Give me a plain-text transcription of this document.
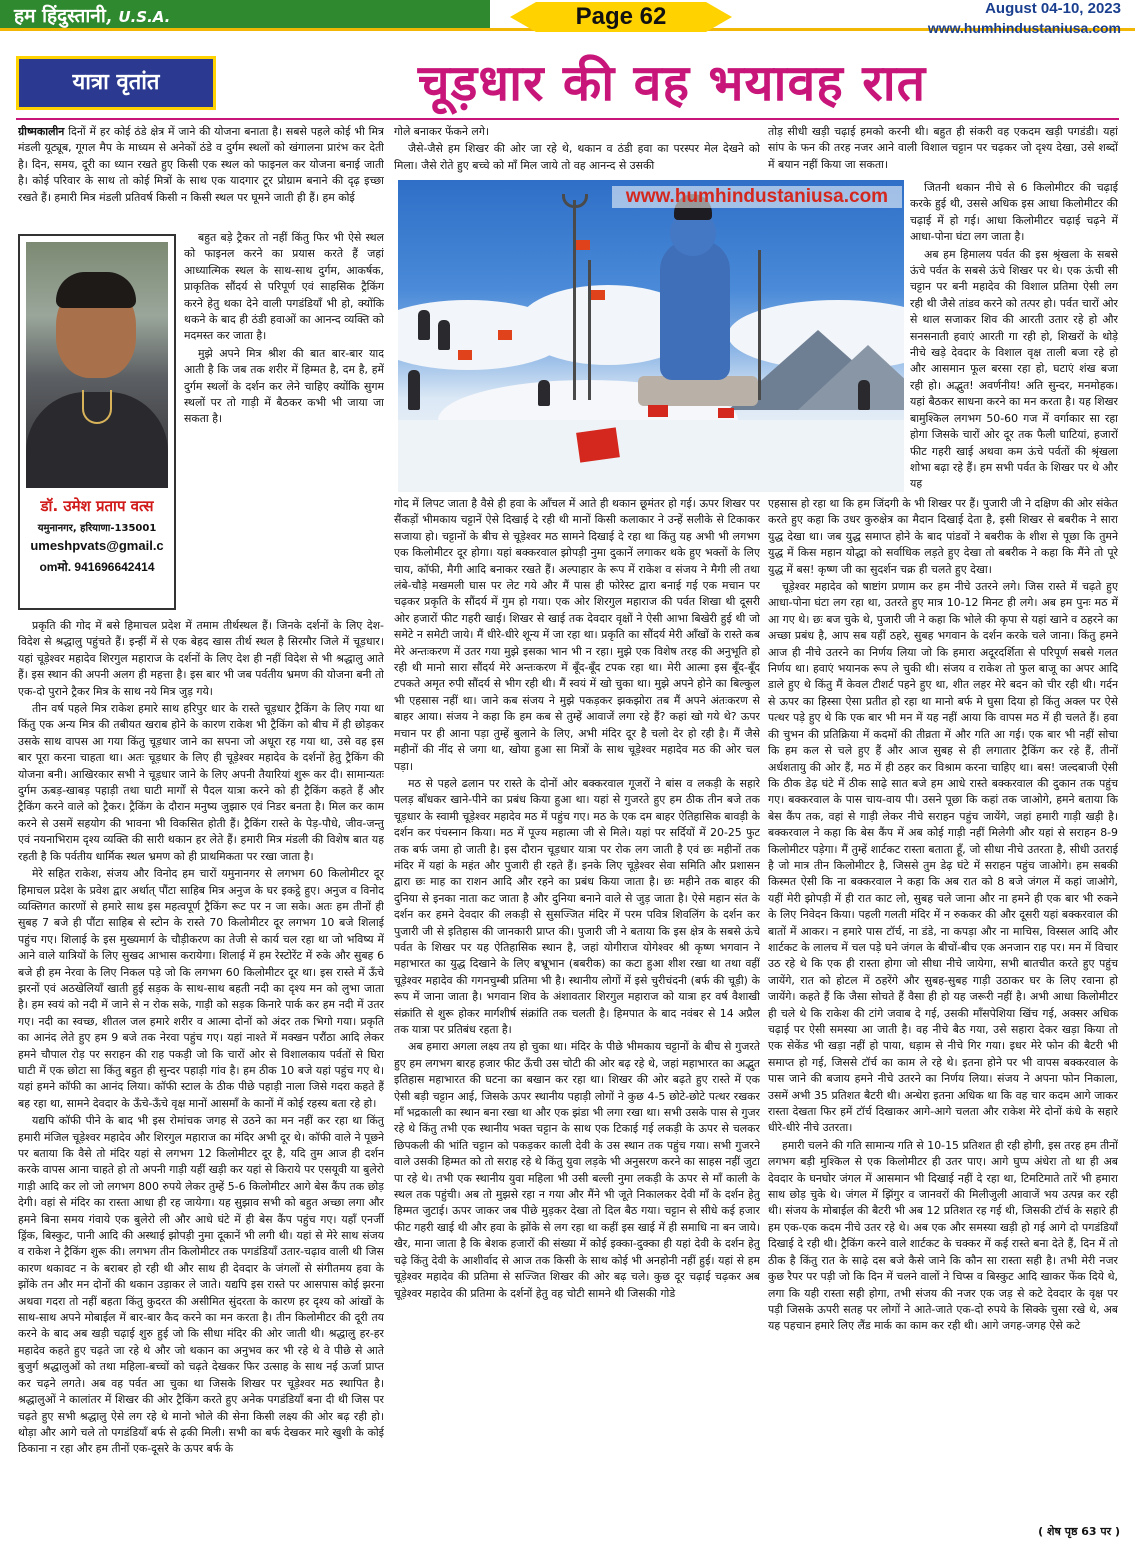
हम हिंदुस्तानी, U.S.A.	Page 62	August 04-10, 2023
www.humhindustaniusa.com
यात्रा वृतांत	चूड़धार की वह भयावह रात
डॉ. उमेश प्रताप वत्स
यमुनानगर, हरियाणा-135001
umeshpvats@gmail.c
omमो. 941696642414

ग्रीष्मकालीन दिनों में हर कोई ठंडे क्षेत्र में जाने की योजना बनाता है। सबसे पहले कोई भी मित्र मंडली यूट्यूब, गूगल मैप के माध्यम से अनेकों ठंडे व दुर्गम स्थलों को खंगालना प्रारंभ कर देती है। दिन, समय, दूरी का ध्यान रखते हुए किसी एक स्थल को फाइनल कर योजना बनाई जाती है। कोई परिवार के साथ तो कोई मित्रों के साथ एक यादगार टूर प्रोग्राम बनाने की दृढ़ इच्छा रखते हैं। हमारी मित्र मंडली प्रतिवर्ष किसी न किसी स्थल पर घूमने जाती ही हैं। हम कोई

बहुत बड़े ट्रैकर तो नहीं किंतु फिर भी ऐसे स्थल को फाइनल करने का प्रयास करते हैं जहां आध्यात्मिक स्थल के साथ-साथ दुर्गम, आकर्षक, प्राकृतिक सौंदर्य से परिपूर्ण एवं साहसिक ट्रैकिंग करने हेतु थका देने वाली पगडंडियाँ भी हो, क्योंकि थकने के बाद ही ठंडी हवाओं का आनन्द व्यक्ति को मदमस्त कर जाता है।

मुझे अपने मित्र श्रीश की बात बार-बार याद आती है कि जब तक शरीर में हिम्मत है, दम है, हमें दुर्गम स्थलों के दर्शन कर लेने चाहिए क्योंकि सुगम स्थलों पर तो गाड़ी में बैठकर कभी भी जाया जा सकता है।

प्रकृति की गोद में बसे हिमाचल प्रदेश में तमाम तीर्थस्थल हैं। जिनके दर्शनों के लिए देश-विदेश से श्रद्धालु पहुंचते हैं। इन्हीं में से एक बेहद खास तीर्थ स्थल है सिरमौर जिले में चूड़धार। यहां चूड़ेश्वर महादेव शिरगुल महाराज के दर्शनों के लिए देश ही नहीं विदेश से भी श्रद्धालु आते हैं। इस स्थान की अपनी अलग ही महत्ता है। इस बार भी जब पर्वतीय भ्रमण की योजना बनी तो एक-दो पुराने ट्रैकर मित्र के साथ नये मित्र जुड़ गये।

तीन वर्ष पहले मित्र राकेश हमारे साथ हरिपुर धार के रास्ते चूड़धार ट्रैकिंग के लिए गया था किंतु एक अन्य मित्र की तबीयत खराब होने के कारण राकेश भी ट्रैकिंग को बीच में ही छोड़कर उसके साथ वापस आ गया किंतु चूड़धार जाने का सपना जो अधूरा रह गया था, उसे वह इस बार पूरा करना चाहता था। अतः चूड़धार के लिए ही चूड़ेश्वर महादेव के दर्शनों हेतु ट्रैकिंग की योजना बनी। आखिरकार सभी ने चूड़धार जाने के लिए अपनी तैयारियां शुरू कर दी। सामान्यतः दुर्गम ऊबड़-खाबड़ पहाड़ी तथा घाटी मार्गों से पैदल यात्रा करने को ही ट्रैकिंग कहते हैं और ट्रैकिंग करने वाले को ट्रैकर। ट्रैकिंग के दौरान मनुष्य जुझारु एवं निडर बनता है। मिल कर काम करने से उसमें सहयोग की भावना भी विकसित होती हैं। ट्रैकिंग रास्ते के पेड़-पौधे, जीव-जन्तु एवं नयनाभिराम दृश्य व्यक्ति की सारी थकान हर लेते हैं। हमारी मित्र मंडली की विशेष बात यह रहती है कि पर्वतीय धार्मिक स्थल भ्रमण को ही प्राथमिकता पर रखा जाता है।

मेरे सहित राकेश, संजय और विनोद हम चारों यमुनानगर से लगभग 60 किलोमीटर दूर हिमाचल प्रदेश के प्रवेश द्वार अर्थात् पौंटा साहिब मित्र अनुज के घर इकट्ठे हुए। अनुज व विनोद व्यक्तिगत कारणों से हमारे साथ इस महत्वपूर्ण ट्रैकिंग रूट पर न जा सके। अतः हम तीनों ही सुबह 7 बजे ही पौंटा साहिब से स्टोन के रास्ते 70 किलोमीटर दूर लगभग 10 बजे शिलाई पहुंच गए। शिलाई के इस मुख्यमार्ग के चौड़ीकरण का तेजी से कार्य चल रहा था जो भविष्य में आने वाले यात्रियों के लिए सुखद आभास करायेगा। शिलाई में हम रेस्टोरेंट में रुके और सुबह 6 बजे ही हम नेरवा के लिए निकल पड़े जो कि लगभग 60 किलोमीटर दूर था। इस रास्ते में ऊँचे झरनों एवं अठखेलियाँ खाती हुई सड़क के साथ-साथ बहती नदी का दृश्य मन को लुभा जाता है। हम स्वयं को नदी में जाने से न रोक सके, गाड़ी को सड़क किनारे पार्क कर हम नदी में उतर गए। नदी का स्वच्छ, शीतल जल हमारे शरीर व आत्मा दोनों को अंदर तक भिगो गया। प्रकृति का आनंद लेते हुए हम 9 बजे तक नेरवा पहुंच गए। यहां नाश्ते में मक्खन परौंठा आदि लेकर हमने चौपाल रोड़ पर सराहन की राह पकड़ी जो कि चारों ओर से विशालकाय पर्वतों से घिरा घाटी में एक छोटा सा किंतु बहुत ही सुन्दर पहाड़ी गांव है। हम ठीक 10 बजे यहां पहुंच गए थे। यहां हमने कॉफी का आनंद लिया। कॉफी स्टाल के ठीक पीछे पहाड़ी नाला जिसे गदरा कहते हैं बह रहा था, सामने देवदार के ऊँचे-ऊँचे वृक्ष मानों आसमाँ के कानों में कोई रहस्य बता रहे हो।

यद्यपि कॉफी पीने के बाद भी इस रोमांचक जगह से उठने का मन नहीं कर रहा था किंतु हमारी मंजिल चूड़ेश्वर महादेव और शिरगुल महाराज का मंदिर अभी दूर थे। कॉफी वाले ने पूछने पर बताया कि वैसे तो मंदिर यहां से लगभग 12 किलोमीटर दूर है, यदि तुम आज ही दर्शन करके वापस आना चाहते हो तो अपनी गाड़ी यहीं खड़ी कर यहां से किराये पर एसयूवी या बुलेरो गाड़ी आदि कर लो जो लगभग 800 रुपये लेकर तुम्हें 5-6 किलोमीटर आगे बेस कैंप तक छोड़ देगी। वहां से मंदिर का रास्ता आधा ही रह जायेगा। यह सुझाव सभी को बहुत अच्छा लगा और हमने बिना समय गंवाये एक बुलेरो ली और आधे घंटे में ही बेस कैंप पहुंच गए। यहाँ एनर्जी ड्रिंक, बिस्कुट, पानी आदि की अस्थाई झोपड़ी नुमा दूकानें भी लगी थी। यहां से मेरे साथ संजय व राकेश ने ट्रैकिंग शुरू की। लगभग तीन किलोमीटर तक पगडंडियाँ उतार-चढ़ाव वाली थी जिस कारण थकावट न के बराबर हो रही थी और साथ ही देवदार के जंगलों से संगीतमय हवा के झोंके तन और मन दोनों की थकान उड़ाकर ले जाते। यद्यपि इस रास्ते पर आसपास कोई झरना अथवा गदरा तो नहीं बहता किंतु कुदरत की असीमित सुंदरता के कारण हर दृश्य को आंखों के साथ-साथ अपने मोबाईल में बार-बार कैद करने का मन करता है। तीन किलोमीटर की दूरी तय करने के बाद अब खड़ी चढ़ाई शुरु हुई जो कि सीधा मंदिर की ओर जाती थी। श्रद्धालु हर-हर महादेव कहते हुए चढ़ते जा रहे थे और जो थकान का अनुभव कर भी रहे थे वे पीछे से आते बुजुर्ग श्रद्धालुओं को तथा महिला-बच्चों को चढ़ते देखकर फिर उत्साह के साथ नई ऊर्जा प्राप्त कर चढ़ने लगते। अब वह पर्वत आ चुका था जिसके शिखर पर चूड़ेश्वर मठ स्थापित है। श्रद्धालुओं ने कालांतर में शिखर की ओर ट्रैकिंग करते हुए अनेक पगडंडियाँ बना दी थी जिस पर चढ़ते हुए सभी श्रद्धालु ऐसे लग रहे थे मानो भोले की सेना किसी लक्ष्य की ओर बढ़ रही हो। थोड़ा और आगे चले तो पगडंडियाँ बर्फ से ढ़की मिली। सभी का बर्फ देखकर मारे खुशी के कोई ठिकाना न रहा और हम तीनों एक-दूसरे के ऊपर बर्फ के

गोले बनाकर फेंकने लगे।

जैसे-जैसे हम शिखर की ओर जा रहे थे, थकान व ठंडी हवा का परस्पर मेल देखने को मिला। जैसे रोते हुए बच्चे को माँ मिल जाये तो वह आनन्द से उसकी

www.humhindustaniusa.com

गोद में लिपट जाता है वैसे ही हवा के आँचल में आते ही थकान छूमंतर हो गई। ऊपर शिखर पर सैंकड़ों भीमकाय चट्टानें ऐसे दिखाई दे रही थी मानों किसी कलाकार ने उन्हें सलीके से टिकाकर सजाया हो। चट्टानों के बीच से चूड़ेश्वर मठ सामने दिखाई दे रहा था किंतु यह अभी भी लगभग एक किलोमीटर दूर होगा। यहां बक्करवाल झोपड़ी नुमा दुकानें लगाकर थके हुए भक्तों के लिए चाय, कॉफी, मैगी आदि बनाकर रखते हैं। अल्पाहार के रूप में राकेश व संजय ने मैगी ली तथा लंबे-चौड़े मखमली घास पर लेट गये और मैं पास ही फोरेस्ट द्वारा बनाई गई एक मचान पर चढ़कर प्रकृति के सौंदर्य में गुम हो गया। एक ओर शिरगुल महाराज की पर्वत शिखा थी दूसरी ओर हजारों फीट गहरी खाई। शिखर से खाई तक देवदार वृक्षों ने ऐसी आभा बिखेरी हुई थी जो समेटे न समेटी जाये। मैं धीरे-धीरे शून्य में जा रहा था। प्रकृति का सौंदर्य मेरी आँखों के रास्ते कब मेरे अन्तःकरण में उतर गया मुझे इसका भान भी न रहा। मुझे एक विशेष तरह की अनुभूति हो रही थी मानो सारा सौंदर्य मेरे अन्तःकरण में बूँद-बूँद टपक रहा था। मेरी आत्मा इस बूँद-बूँद टपकते अमृत रुपी सौंदर्य से भीग रही थी। मैं स्वयं में खो चुका था। मुझे अपने होने का बिल्कुल भी एहसास नहीं था। जाने कब संजय ने मुझे पकड़कर झकझोरा तब मैं अपने अंतःकरण से बाहर आया। संजय ने कहा कि हम कब से तुम्हें आवाजें लगा रहे हैं? कहां खो गये थे? ऊपर मचान पर ही आना पड़ा तुम्हें बुलाने के लिए, अभी मंदिर दूर है चलो देर हो रही है। मैं जैसे महीनों की नींद से जगा था, खोया हुआ सा मित्रों के साथ चूड़ेश्वर महादेव मठ की ओर चल पड़ा।

मठ से पहले ढलान पर रास्ते के दोनों ओर बक्करवाल गूजरों ने बांस व लकड़ी के सहारे पलड़ बाँधकर खाने-पीने का प्रबंध किया हुआ था। यहां से गुजरते हुए हम ठीक तीन बजे तक चूड़धार के स्वामी चूड़ेश्वर महादेव मठ में पहुंच गए। मठ के एक दम बाहर ऐतिहासिक बावड़ी के दर्शन कर पंचस्नान किया। मठ में पूज्य महात्मा जी से मिले। यहां पर सर्दियों में 20-25 फुट तक बर्फ जमा हो जाती है। इस दौरान चूड़धार यात्रा पर रोक लग जाती है एवं छः महीनों तक मंदिर में यहां के महंत और पुजारी ही रहते हैं। इनके लिए चूड़ेश्वर सेवा समिति और प्रशासन द्वारा छः माह का राशन आदि और रहने का प्रबंध किया जाता है। छः महीने तक बाहर की दुनिया से इनका नाता कट जाता है और दुनिया बनाने वाले से जुड़ जाता है। ऐसे महान संत के दर्शन कर हमने देवदार की लकड़ी से सुसज्जित मंदिर में परम पवित्र शिवलिंग के दर्शन कर पुजारी जी से इतिहास की जानकारी प्राप्त की। पुजारी जी ने बताया कि इस क्षेत्र के सबसे ऊंचे पर्वत के शिखर पर यह ऐतिहासिक स्थान है, जहां योगीराज योगेश्वर श्री कृष्ण भगवान ने महाभारत का युद्ध दिखाने के लिए बभ्रूभान (बबरीक) का कटा हुआ शीश रखा था तथा वहीं चूड़ेश्वर महादेव की गगनचुम्बी प्रतिमा भी है। स्थानीय लोगों में इसे चुरीचंदनी (बर्फ की चूड़ी) के रूप में जाना जाता है। भगवान शिव के अंशावतार शिरगुल महाराज को यात्रा हर वर्ष वैशाखी संक्रांति से शुरू होकर मार्गशीर्ष संक्रांति तक चलती है। हिमपात के बाद नवंबर से 14 अप्रैल तक यात्रा पर प्रतिबंध रहता है।

अब हमारा अगला लक्ष्य तय हो चुका था। मंदिर के पीछे भीमकाय चट्टानों के बीच से गुजरते हुए हम लगभग बारह हजार फीट ऊँची उस चोटी की ओर बढ़ रहे थे, जहां महाभारत का अद्भुत इतिहास महाभारत की घटना का बखान कर रहा था। शिखर की ओर बढ़ते हुए रास्ते में एक ऐसी बड़ी चट्टान आई, जिसके ऊपर स्थानीय पहाड़ी लोगों ने कुछ 4-5 छोटे-छोटे पत्थर रखकर माँ भद्रकाली का स्थान बना रखा था और एक झंडा भी लगा रखा था। सभी उसके पास से गुजर रहे थे किंतु तभी एक स्थानीय भक्त चट्टान के साथ एक टिकाई गई लकड़ी के ऊपर से चलकर छिपकली की भांति चट्टान को पकड़कर काली देवी के उस स्थान तक पहुंच गया। सभी गुजरने वाले उसकी हिम्मत को तो सराह रहे थे किंतु युवा लड़के भी अनुसरण करने का साहस नहीं जुटा पा रहे थे। तभी एक स्थानीय युवा महिला भी उसी बल्ली नुमा लकड़ी के ऊपर से माँ काली के स्थल तक पहुंची। अब तो मुझसे रहा न गया और मैंने भी जूते निकालकर देवी माँ के दर्शन हेतु हिम्मत जुटाई। ऊपर जाकर जब पीछे मुड़कर देखा तो दिल बैठ गया। चट्टान से सीधे कई हजार फीट गहरी खाई थी और हवा के झोंके से लग रहा था कहीं इस खाई में ही समाधि ना बन जाये। खैर, माना जाता है कि बेशक हजारों की संख्या में कोई इक्का-दुक्का ही यहां देवी के दर्शन हेतु चढ़े किंतु देवी के आशीर्वाद से आज तक किसी के साथ कोई भी अनहोनी नहीं हुई। यहां से हम चूड़ेश्वर महादेव की प्रतिमा से सज्जित शिखर की ओर बढ़ चले। कुछ दूर चढ़ाई चढ़कर अब चूड़ेश्वर महादेव की प्रतिमा के दर्शनों हेतु वह चोटी सामने थी जिसकी गोडे

तोड़ सीधी खड़ी चढ़ाई हमको करनी थी। बहुत ही संकरी वह एकदम खड़ी पगडंडी। यहां सांप के फन की तरह नजर आने वाली विशाल चट्टान पर चढ़कर जो दृश्य देखा, उसे शब्दों में बयान नहीं किया जा सकता।

जितनी थकान नीचे से 6 किलोमीटर की चढ़ाई करके हुई थी, उससे अधिक इस आधा किलोमीटर की चढ़ाई में हो गई। आधा किलोमीटर चढ़ाई चढ़ने में आधा-पोना घंटा लग जाता है।

अब हम हिमालय पर्वत की इस श्रृंखला के सबसे ऊंचे पर्वत के सबसे ऊंचे शिखर पर थे। एक ऊंची सी चट्टान पर बनी महादेव की विशाल प्रतिमा ऐसी लग रही थी जैसे तांडव करने को तत्पर हो। पर्वत चारों ओर से थाल सजाकर शिव की आरती उतार रहे हो और सनसनाती हवाएं आरती गा रही हो, शिखरों के थोड़े नीचे खड़े देवदार के विशाल वृक्ष ताली बजा रहे हो और आसमान फूल बरसा रहा हो, घटाएं शंख बजा रही हो। अद्भुत! अवर्णनीय! अति सुन्दर, मनमोहक। यहां बैठकर साधना करने का मन करता है। यह शिखर बामुश्किल लगभग 50-60 गज में वर्गाकार सा रहा होगा जिसके चारों ओर दूर तक फैली घाटियां, हजारों फीट गहरी खाई अथवा कम ऊंचे पर्वतों की श्रृंखला शोभा बढ़ा रहे हैं। हम सभी पर्वत के शिखर पर थे और यह

एहसास हो रहा था कि हम जिंदगी के भी शिखर पर हैं। पुजारी जी ने दक्षिण की ओर संकेत करते हुए कहा कि उधर कुरुक्षेत्र का मैदान दिखाई देता है, इसी शिखर से बबरीक ने सारा युद्ध देखा था। जब युद्ध समाप्त होने के बाद पांडवों ने बबरीक के शीश से पूछा कि तुमने युद्ध में किस महान योद्धा को सर्वाधिक लड़ते हुए देखा तो बबरीक ने कहा कि मैंने तो पूरे युद्ध में बस! कृष्ण जी का सुदर्शन चक्र ही चलते हुए देखा।

चूड़ेश्वर महादेव को षाष्टांग प्रणाम कर हम नीचे उतरने लगे। जिस रास्ते में चढ़ते हुए आधा-पोना घंटा लग रहा था, उतरते हुए मात्र 10-12 मिनट ही लगे। अब हम पुनः मठ में आ गए थे। छः बज चुके थे, पुजारी जी ने कहा कि भोले की कृपा से यहां खाने व ठहरने का अच्छा प्रबंध है, आप सब यहीं ठहरे, सुबह भगवान के दर्शन करके चले जाना। किंतु हमने आज ही नीचे उतरने का निर्णय लिया जो कि हमारा अदूरदर्शिता से परिपूर्ण सबसे गलत निर्णय था। हवाएं भयानक रूप ले चुकी थी। संजय व राकेश तो फुल बाजू का अपर आदि डाले हुए थे किंतु मैं केवल टीशर्ट पहने हुए था, शीत लहर मेरे बदन को चीर रही थी। गर्दन से ऊपर का हिस्सा ऐसा प्रतीत हो रहा था मानो बर्फ मे घुसा दिया हो किंतु अक्ल पर ऐसे पत्थर पड़े हुए थे कि एक बार भी मन में यह नहीं आया कि वापस मठ में ही चलते हैं। हवा की चुभन की प्रतिक्रिया में कदमों की तीव्रता में और गति आ गई। एक बार भी नहीं सोचा कि हम कल से चले हुए हैं और आज सुबह से ही लगातार ट्रैकिंग कर रहे हैं, तीनों अर्धशतायु की ओर हैं, मठ में ही ठहर कर विश्राम करना चाहिए था। बस! जल्दबाजी ऐसी कि ठीक डेढ़ घंटे में ठीक साढ़े सात बजे हम आधे रास्ते बक्करवाल की दुकान तक पहुंच गए। बक्करवाल के पास चाय-वाय पी। उसने पूछा कि कहां तक जाओगे, हमने बताया कि बेस कैंप तक, वहां से गाड़ी लेकर नीचे सराहन पहुंच जायेंगे, जहां हमारी गाड़ी खड़ी है। बक्करवाल ने कहा कि बेस कैंप में अब कोई गाड़ी नहीं मिलेगी और यहां से सराहन 8-9 किलोमीटर पड़ेगा। मैं तुम्हें शार्टकट रास्ता बताता हूँ, जो सीधा नीचे उतरता है, सीधी उतराई है जो मात्र तीन किलोमीटर है, जिससे तुम डेढ़ घंटे में सराहन पहुंच जाओगे। हम सबकी किस्मत ऐसी कि ना बक्करवाल ने कहा कि अब रात को 8 बजे जंगल में कहां जाओगे, यहीं मेरी झोपड़ी में ही रात काट लो, सुबह चले जाना और ना हमने ही एक बार भी रुकने के लिए निवेदन किया। पहली गलती मंदिर में न रुककर की और दूसरी यहां बक्करवाल की बातों में आकर। न हमारे पास टॉर्च, ना डंडे, ना कपड़ा और ना माचिस, विस्सल आदि और शार्टकट के लालच में चल पड़े घने जंगल के बीचों-बीच एक अनजान राह पर। मन में विचार उठ रहे थे कि एक ही रास्ता होगा जो सीधा नीचे जायेगा, सभी बातचीत करते हुए पहुंच जायेंगे, रात को होटल में ठहरेंगे और सुबह-सुबह गाड़ी उठाकर घर के लिए रवाना हो जायेंगे। कहते हैं कि जैसा सोचते हैं वैसा ही हो यह जरूरी नहीं है। अभी आधा किलोमीटर ही चले थे कि राकेश की टांगे जवाब दे गई, उसकी माँसपेशिया खिंच गई, अक्सर अधिक चढ़ाई पर ऐसी समस्या आ जाती है। वह नीचे बैठ गया, उसे सहारा देकर खड़ा किया तो एक सेकेंड भी खड़ा नहीं हो पाया, धड़ाम से नीचे गिर गया। इधर मेरे फोन की बैटरी भी समाप्त हो गई, जिससे टॉर्च का काम ले रहे थे। इतना होने पर भी वापस बक्करवाल के पास जाने की बजाय हमने नीचे उतरने का निर्णय लिया। संजय ने अपना फोन निकाला, उसमें अभी 35 प्रतिशत बैटरी थी। अन्धेरा इतना अधिक था कि वह चार कदम आगे जाकर रास्ता देखता फिर हमें टॉर्च दिखाकर आगे-आगे चलता और राकेश मेरे दोनों कंधे के सहारे धीरे-धीरे नीचे उतरता।

हमारी चलने की गति सामान्य गति से 10-15 प्रतिशत ही रही होगी, इस तरह हम तीनों लगभग बड़ी मुश्किल से एक किलोमीटर ही उतर पाए। आगे घुप्प अंधेरा तो था ही अब देवदार के घनघोर जंगल में आसमान भी दिखाई नहीं दे रहा था, टिमटिमाते तारें भी हमारा साथ छोड़ चुके थे। जंगल में झिंगुर व जानवरों की मिलीजुली आवाजें भय उत्पन्न कर रही थी। संजय के मोबाईल की बैटरी भी अब 12 प्रतिशत रह गई थी, जिसकी टॉर्च के सहारे ही हम एक-एक कदम नीचे उतर रहे थे। अब एक और समस्या खड़ी हो गई आगे दो पगडंडियाँ दिखाई दे रही थी। ट्रैकिंग करने वाले शार्टकट के चक्कर में कई रास्ते बना देते हैं, दिन में तो ठीक है किंतु रात के साढ़े दस बजे कैसे जाने कि कौन सा रास्ता सही है। तभी मेरी नजर कुछ रैपर पर पड़ी जो कि दिन में चलने वालों ने चिप्स व बिस्कुट आदि खाकर फेंक दिये थे, लगा कि यही रास्ता सही होगा, तभी संजय की नजर एक जड़ से कटे देवदार के वृक्ष पर पड़ी जिसके ऊपरी सतह पर लोगों ने आते-जाते एक-दो रुपये के सिक्के चुसा रखे थे, अब यह पहचान हमारे लिए लैंड मार्क का काम कर रही थी। आगे जगह-जगह ऐसे कटे

( शेष पृष्ठ 63 पर )
